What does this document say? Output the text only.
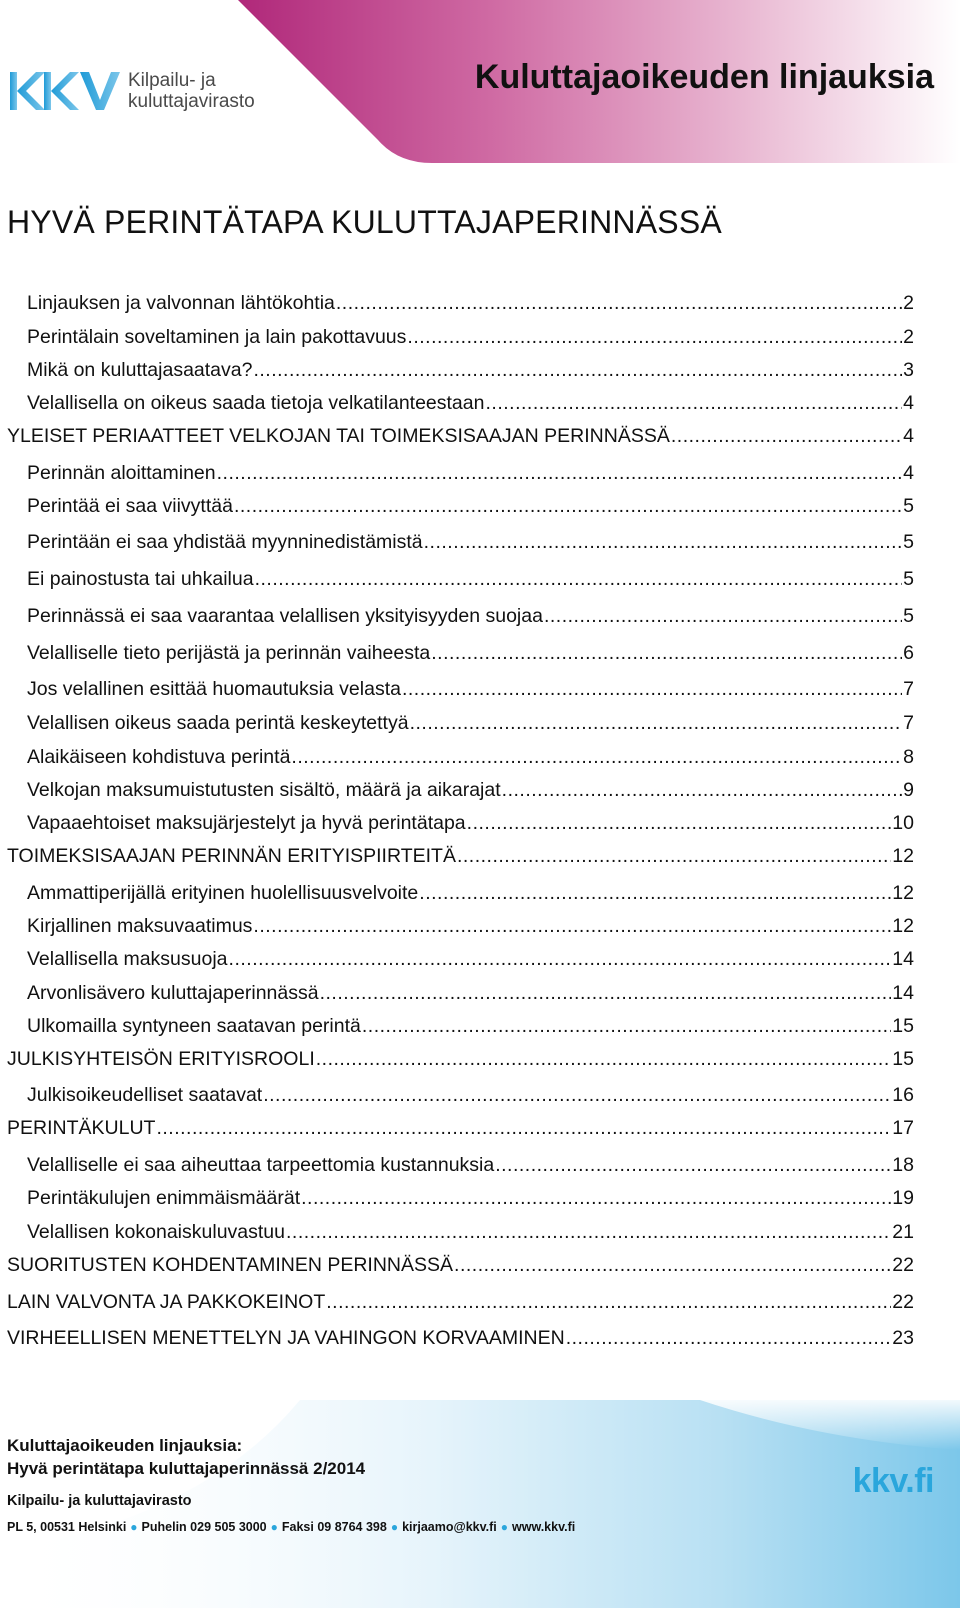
Kilpailu- ja
kuluttajavirasto
Kuluttajaoikeuden linjauksia
HYVÄ PERINTÄTAPA KULUTTAJAPERINNÄSSÄ
Linjauksen ja valvonnan lähtökohtia .....	2
Perintälain soveltaminen ja lain pakottavuus .....	2
Mikä on kuluttajasaatava? .....	3
Velallisella on oikeus saada tietoja velkatilanteestaan .....	4
YLEISET PERIAATTEET VELKOJAN TAI TOIMEKSISAAJAN PERINNÄSSÄ .....	4
Perinnän aloittaminen .....	4
Perintää ei saa viivyttää .....	5
Perintään ei saa yhdistää myynninedistämistä .....	5
Ei painostusta tai uhkailua .....	5
Perinnässä ei saa vaarantaa velallisen yksityisyyden suojaa .....	5
Velalliselle tieto perijästä ja perinnän vaiheesta .....	6
Jos velallinen esittää huomautuksia velasta .....	7
Velallisen oikeus saada perintä keskeytettyä .....	7
Alaikäiseen kohdistuva perintä .....	8
Velkojan maksumuistutusten sisältö, määrä ja aikarajat .....	9
Vapaaehtoiset maksujärjestelyt ja hyvä perintätapa .....	10
TOIMEKSISAAJAN PERINNÄN ERITYISPIIRTEITÄ .....	12
Ammattiperijällä erityinen huolellisuusvelvoite .....	12
Kirjallinen maksuvaatimus .....	12
Velallisella maksusuoja .....	14
Arvonlisävero kuluttajaperinnässä .....	14
Ulkomailla syntyneen saatavan perintä .....	15
JULKISYHTEISÖN ERITYISROOLI .....	15
Julkisoikeudelliset saatavat .....	16
PERINTÄKULUT .....	17
Velalliselle ei saa aiheuttaa tarpeettomia kustannuksia .....	18
Perintäkulujen enimmäismäärät .....	19
Velallisen kokonaiskuluvastuu .....	21
SUORITUSTEN KOHDENTAMINEN PERINNÄSSÄ .....	22
LAIN VALVONTA JA PAKKOKEINOT .....	22
VIRHEELLISEN MENETTELYN JA VAHINGON KORVAAMINEN .....	23
Kuluttajaoikeuden linjauksia:
Hyvä perintätapa kuluttajaperinnässä 2/2014
Kilpailu- ja kuluttajavirasto
PL 5, 00531 Helsinki ● Puhelin 029 505 3000 ● Faksi 09 8764 398 ● kirjaamo@kkv.fi ● www.kkv.fi
kkv.fi
